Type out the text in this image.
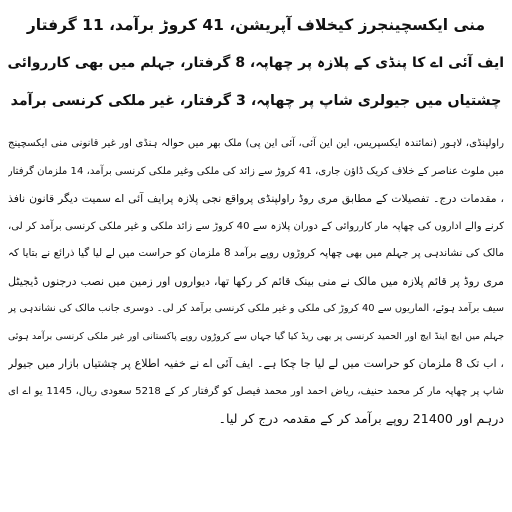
منی ایکسچینجرز کیخلاف آپریشن، 41 کروڑ برآمد، 11 گرفتار
ایف آئی اے کا پنڈی کے پلازہ پر چھاپہ، 8 گرفتار، جہلم میں بھی کارروائی
چشتیاں میں جیولری شاپ پر چھاپہ، 3 گرفتار، غیر ملکی کرنسی برآمد
راولپنڈی، لاہور (نمائندہ ایکسپریس، این این آئی، آئی این پی) ملک بھر میں حوالہ ہنڈی اور غیر قانونی منی ایکسچینج
میں ملوث عناصر کے خلاف کریک ڈاؤن جاری، 41 کروڑ سے زائد کی ملکی وغیر ملکی کرنسی برآمد، 14 ملزمان گرفتار
، مقدمات درج۔ تفصیلات کے مطابق مری روڈ راولپنڈی پرواقع نجی پلازہ پرایف آئی اے سمیت دیگر قانون نافذ
کرنے والے اداروں کی چھاپہ مار کارروائی کے دوران پلازہ سے 40 کروڑ سے زائد ملکی و غیر ملکی کرنسی برآمد کر لی،
مالک کی نشاندہی پر جہلم میں بھی چھاپہ کروڑوں روپے برآمد 8 ملزمان کو حراست میں لے لیا گیا ذرائع نے بتایا کہ
مری روڈ پر قائم پلازہ میں مالک نے منی بینک قائم کر رکھا تھا، دیواروں اور زمین میں نصب درجنوں ڈیجیٹل
سیف برآمد ہوئے، الماریوں سے 40 کروڑ کی ملکی و غیر ملکی کرنسی برآمد کر لی۔ دوسری جانب مالک کی نشاندہی پر
جہلم میں ایچ اینڈ ایچ اور الحمید کرنسی پر بھی ریڈ کیا گیا جہاں سے کروڑوں روپے پاکستانی اور غیر ملکی کرنسی برآمد ہوئی
، اب تک 8 ملزمان کو حراست میں لے لیا جا چکا ہے۔ ایف آئی اے نے خفیہ اطلاع پر چشتیاں بازار میں جیولر
شاپ پر چھاپہ مار کر محمد حنیف، ریاض احمد اور محمد فیصل کو گرفتار کر کے 5218 سعودی ریال، 1145 یو اے ای
درہم اور 21400 روپے برآمد کر کے مقدمہ درج کر لیا۔
